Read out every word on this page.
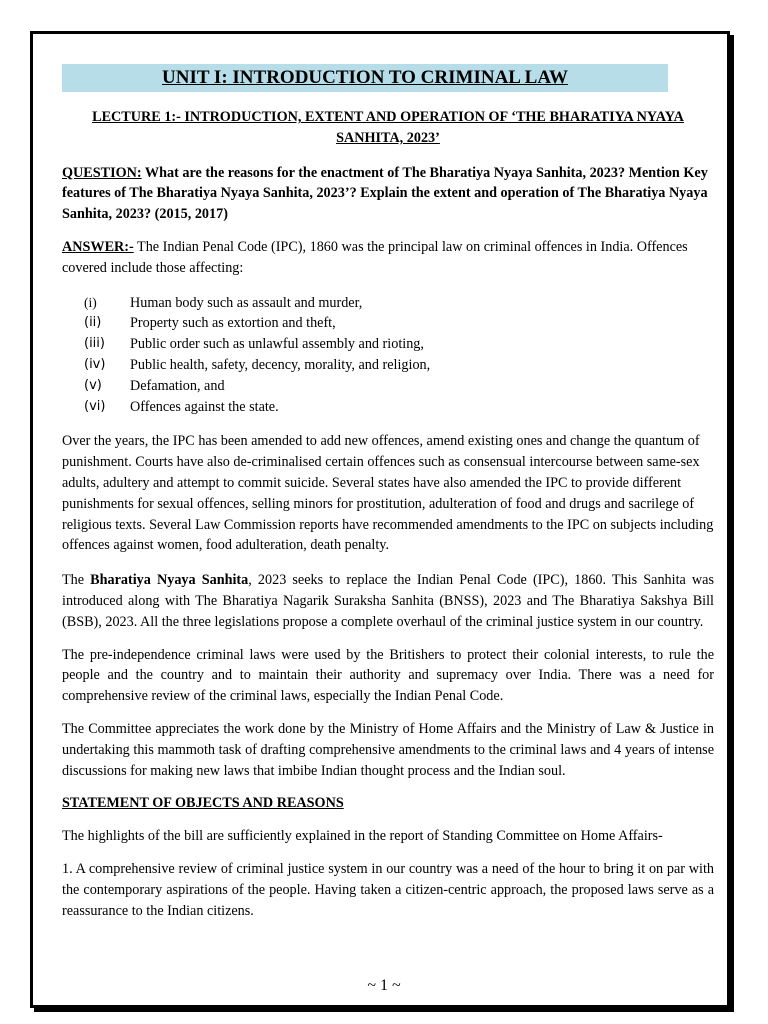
UNIT I: INTRODUCTION TO CRIMINAL LAW

LECTURE 1:- INTRODUCTION, EXTENT AND OPERATION OF ‘THE BHARATIYA NYAYA SANHITA, 2023’

QUESTION: What are the reasons for the enactment of The Bharatiya Nyaya Sanhita, 2023? Mention Key features of The Bharatiya Nyaya Sanhita, 2023’? Explain the extent and operation of The Bharatiya Nyaya Sanhita, 2023? (2015, 2017)

ANSWER:- The Indian Penal Code (IPC), 1860 was the principal law on criminal offences in India. Offences covered include those affecting:

(i) Human body such as assault and murder,
(ii) Property such as extortion and theft,
(iii) Public order such as unlawful assembly and rioting,
(iv) Public health, safety, decency, morality, and religion,
(v) Defamation, and
(vi) Offences against the state.

Over the years, the IPC has been amended to add new offences, amend existing ones and change the quantum of punishment. Courts have also de-criminalised certain offences such as consensual intercourse between same-sex adults, adultery and attempt to commit suicide. Several states have also amended the IPC to provide different punishments for sexual offences, selling minors for prostitution, adulteration of food and drugs and sacrilege of religious texts. Several Law Commission reports have recommended amendments to the IPC on subjects including offences against women, food adulteration, death penalty.

The Bharatiya Nyaya Sanhita, 2023 seeks to replace the Indian Penal Code (IPC), 1860. This Sanhita was introduced along with The Bharatiya Nagarik Suraksha Sanhita (BNSS), 2023 and The Bharatiya Sakshya Bill (BSB), 2023. All the three legislations propose a complete overhaul of the criminal justice system in our country.

The pre-independence criminal laws were used by the Britishers to protect their colonial interests, to rule the people and the country and to maintain their authority and supremacy over India. There was a need for comprehensive review of the criminal laws, especially the Indian Penal Code.

The Committee appreciates the work done by the Ministry of Home Affairs and the Ministry of Law & Justice in undertaking this mammoth task of drafting comprehensive amendments to the criminal laws and 4 years of intense discussions for making new laws that imbibe Indian thought process and the Indian soul.

STATEMENT OF OBJECTS AND REASONS

The highlights of the bill are sufficiently explained in the report of Standing Committee on Home Affairs-

1. A comprehensive review of criminal justice system in our country was a need of the hour to bring it on par with the contemporary aspirations of the people. Having taken a citizen-centric approach, the proposed laws serve as a reassurance to the Indian citizens.

~ 1 ~
